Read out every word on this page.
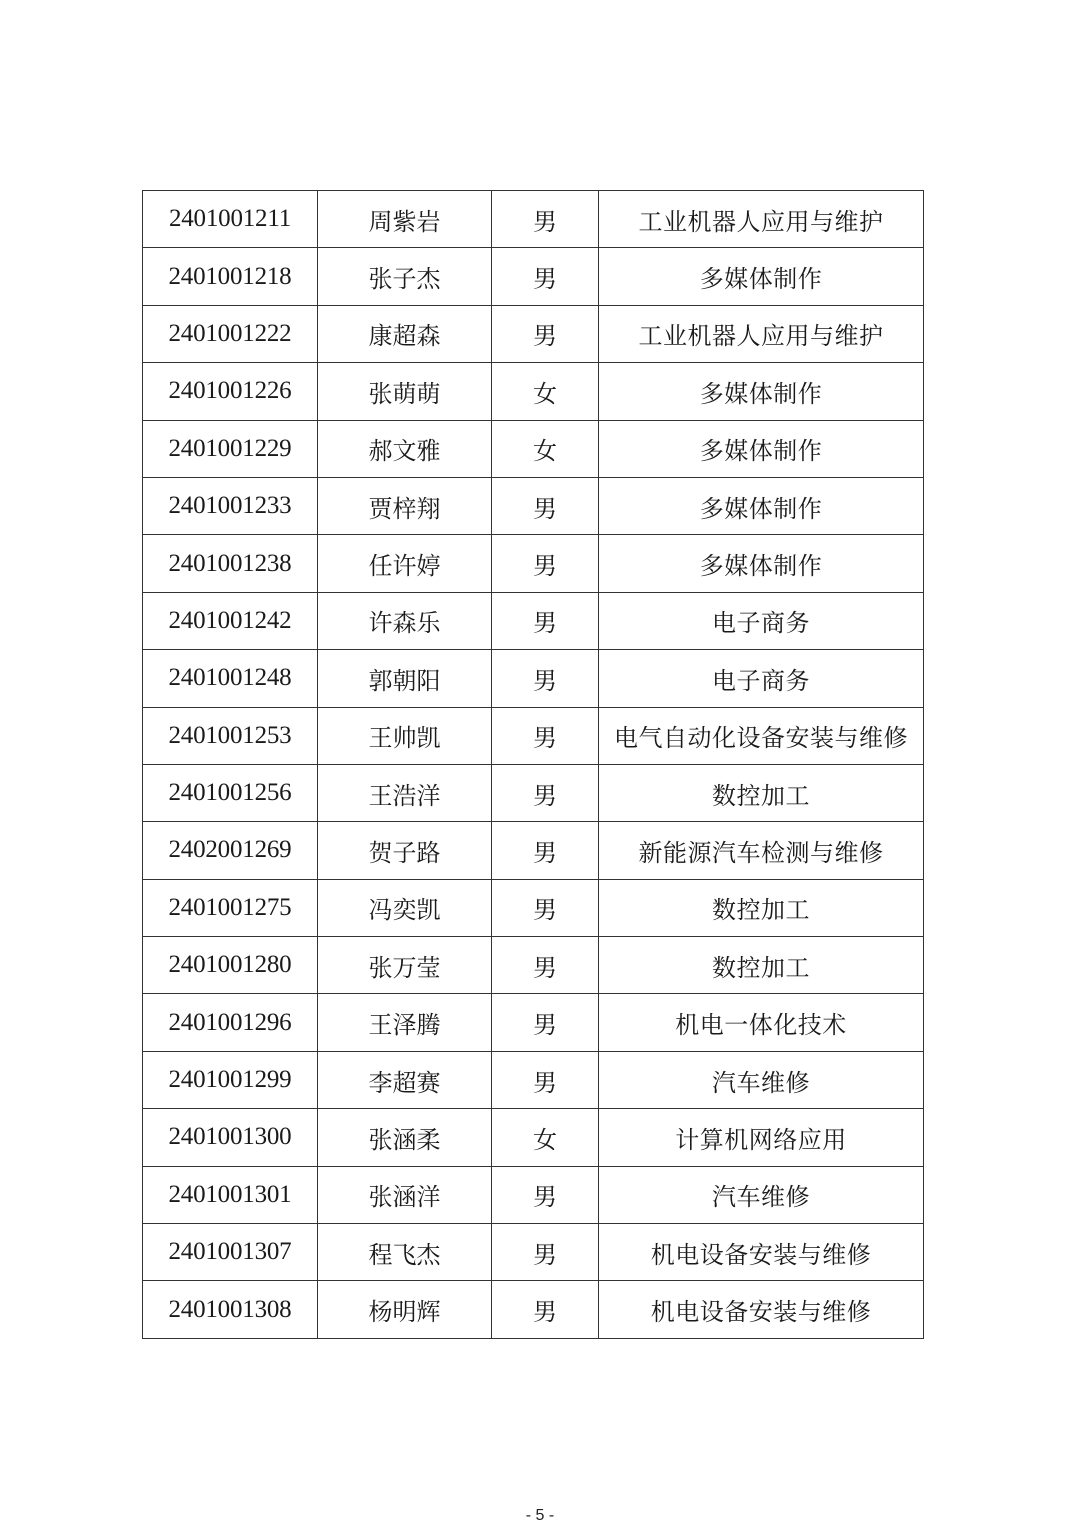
2401001211	周紫岩	男	工业机器人应用与维护
2401001218	张子杰	男	多媒体制作
2401001222	康超森	男	工业机器人应用与维护
2401001226	张萌萌	女	多媒体制作
2401001229	郝文雅	女	多媒体制作
2401001233	贾梓翔	男	多媒体制作
2401001238	任许婷	男	多媒体制作
2401001242	许森乐	男	电子商务
2401001248	郭朝阳	男	电子商务
2401001253	王帅凯	男	电气自动化设备安装与维修
2401001256	王浩洋	男	数控加工
2402001269	贺子路	男	新能源汽车检测与维修
2401001275	冯奕凯	男	数控加工
2401001280	张万莹	男	数控加工
2401001296	王泽腾	男	机电一体化技术
2401001299	李超赛	男	汽车维修
2401001300	张涵柔	女	计算机网络应用
2401001301	张涵洋	男	汽车维修
2401001307	程飞杰	男	机电设备安装与维修
2401001308	杨明辉	男	机电设备安装与维修
- 5 -
